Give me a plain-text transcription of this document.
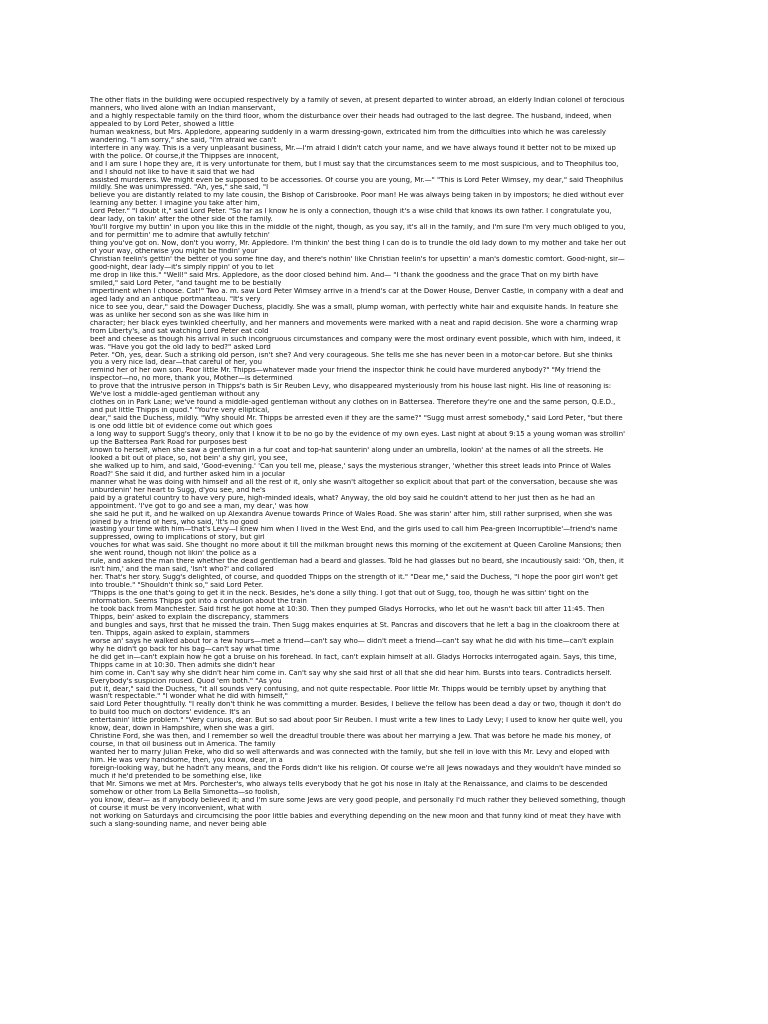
The other flats in the building were occupied respectively by a family of seven, at present departed to winter abroad, an elderly Indian colonel of ferocious
manners, who lived alone with an Indian manservant,
and a highly respectable family on the third floor, whom the disturbance over their heads had outraged to the last degree. The husband, indeed, when
appealed to by Lord Peter, showed a little
human weakness, but Mrs. Appledore, appearing suddenly in a warm dressing-gown, extricated him from the difficulties into which he was carelessly
wandering. "I am sorry," she said, "I'm afraid we can't
interfere in any way. This is a very unpleasant business, Mr.—I'm afraid I didn't catch your name, and we have always found it better not to be mixed up
with the police. Of course,if the Thippses are innocent,
and I am sure I hope they are, it is very unfortunate for them, but I must say that the circumstances seem to me most suspicious, and to Theophilus too,
and I should not like to have it said that we had
assisted murderers. We might even be supposed to be accessories. Of course you are young, Mr.—" "This is Lord Peter Wimsey, my dear," said Theophilus
mildly. She was unimpressed. "Ah, yes," she said, "I
believe you are distantly related to my late cousin, the Bishop of Carisbrooke. Poor man! He was always being taken in by impostors; he died without ever
learning any better. I imagine you take after him,
Lord Peter." "I doubt it," said Lord Peter. "So far as I know he is only a connection, though it's a wise child that knows its own father. I congratulate you,
dear lady, on takin' after the other side of the family.
You'll forgive my buttin' in upon you like this in the middle of the night, though, as you say, it's all in the family, and I'm sure I'm very much obliged to you,
and for permittin' me to admire that awfully fetchin'
thing you've got on. Now, don't you worry, Mr. Appledore. I'm thinkin' the best thing I can do is to trundle the old lady down to my mother and take her out
of your way, otherwise you might be findin' your
Christian feelin's gettin' the better of you some fine day, and there's nothin' like Christian feelin's for upsettin' a man's domestic comfort. Good-night, sir—
good-night, dear lady—it's simply rippin' of you to let
me drop in like this." "Well!" said Mrs. Appledore, as the door closed behind him. And— "I thank the goodness and the grace That on my birth have
smiled," said Lord Peter, "and taught me to be bestially
impertinent when I choose. Cat!" Two a. m. saw Lord Peter Wimsey arrive in a friend's car at the Dower House, Denver Castle, in company with a deaf and
aged lady and an antique portmanteau. "It's very
nice to see you, dear," said the Dowager Duchess, placidly. She was a small, plump woman, with perfectly white hair and exquisite hands. In feature she
was as unlike her second son as she was like him in
character; her black eyes twinkled cheerfully, and her manners and movements were marked with a neat and rapid decision. She wore a charming wrap
from Liberty's, and sat watching Lord Peter eat cold
beef and cheese as though his arrival in such incongruous circumstances and company were the most ordinary event possible, which with him, indeed, it
was. "Have you got the old lady to bed?" asked Lord
Peter. "Oh, yes, dear. Such a striking old person, isn't she? And very courageous. She tells me she has never been in a motor-car before. But she thinks
you a very nice lad, dear—that careful of her, you
remind her of her own son. Poor little Mr. Thipps—whatever made your friend the inspector think he could have murdered anybody?" "My friend the
inspector—no, no more, thank you, Mother—is determined
to prove that the intrusive person in Thipps's bath is Sir Reuben Levy, who disappeared mysteriously from his house last night. His line of reasoning is:
We've lost a middle-aged gentleman without any
clothes on in Park Lane; we've found a middle-aged gentleman without any clothes on in Battersea. Therefore they're one and the same person, Q.E.D.,
and put little Thipps in quod." "You're very elliptical,
dear," said the Duchess, mildly. "Why should Mr. Thipps be arrested even if they are the same?" "Sugg must arrest somebody," said Lord Peter, "but there
is one odd little bit of evidence come out which goes
a long way to support Sugg's theory, only that I know it to be no go by the evidence of my own eyes. Last night at about 9:15 a young woman was strollin'
up the Battersea Park Road for purposes best
known to herself, when she saw a gentleman in a fur coat and top-hat saunterin' along under an umbrella, lookin' at the names of all the streets. He
looked a bit out of place, so, not bein' a shy girl, you see,
she walked up to him, and said, 'Good-evening.' 'Can you tell me, please,' says the mysterious stranger, 'whether this street leads into Prince of Wales
Road?' She said it did, and further asked him in a jocular
manner what he was doing with himself and all the rest of it, only she wasn't altogether so explicit about that part of the conversation, because she was
unburdenin' her heart to Sugg, d'you see, and he's
paid by a grateful country to have very pure, high-minded ideals, what? Anyway, the old boy said he couldn't attend to her just then as he had an
appointment. 'I've got to go and see a man, my dear,' was how
she said he put it, and he walked on up Alexandra Avenue towards Prince of Wales Road. She was starin' after him, still rather surprised, when she was
joined by a friend of hers, who said, 'It's no good
wasting your time with him—that's Levy—I knew him when I lived in the West End, and the girls used to call him Pea-green Incorruptible'—friend's name
suppressed, owing to implications of story, but girl
vouches for what was said. She thought no more about it till the milkman brought news this morning of the excitement at Queen Caroline Mansions; then
she went round, though not likin' the police as a
rule, and asked the man there whether the dead gentleman had a beard and glasses. Told he had glasses but no beard, she incautiously said: 'Oh, then, it
isn't him,' and the man said, 'Isn't who?' and collared
her. That's her story. Sugg's delighted, of course, and quodded Thipps on the strength of it." "Dear me," said the Duchess, "I hope the poor girl won't get
into trouble." "Shouldn't think so," said Lord Peter.
"Thipps is the one that's going to get it in the neck. Besides, he's done a silly thing. I got that out of Sugg, too, though he was sittin' tight on the
information. Seems Thipps got into a confusion about the train
he took back from Manchester. Said first he got home at 10:30. Then they pumped Gladys Horrocks, who let out he wasn't back till after 11:45. Then
Thipps, bein' asked to explain the discrepancy, stammers
and bungles and says, first that he missed the train. Then Sugg makes enquiries at St. Pancras and discovers that he left a bag in the cloakroom there at
ten. Thipps, again asked to explain, stammers
worse an' says he walked about for a few hours—met a friend—can't say who— didn't meet a friend—can't say what he did with his time—can't explain
why he didn't go back for his bag—can't say what time
he did get in—can't explain how he got a bruise on his forehead. In fact, can't explain himself at all. Gladys Horrocks interrogated again. Says, this time,
Thipps came in at 10:30. Then admits she didn't hear
him come in. Can't say why she didn't hear him come in. Can't say why she said first of all that she did hear him. Bursts into tears. Contradicts herself.
Everybody's suspicion roused. Quod 'em both." "As you
put it, dear," said the Duchess, "it all sounds very confusing, and not quite respectable. Poor little Mr. Thipps would be terribly upset by anything that
wasn't respectable." "I wonder what he did with himself,"
said Lord Peter thoughtfully. "I really don't think he was committing a murder. Besides, I believe the fellow has been dead a day or two, though it don't do
to build too much on doctors' evidence. It's an
entertainin' little problem." "Very curious, dear. But so sad about poor Sir Reuben. I must write a few lines to Lady Levy; I used to know her quite well, you
know, dear, down in Hampshire, when she was a girl.
Christine Ford, she was then, and I remember so well the dreadful trouble there was about her marrying a Jew. That was before he made his money, of
course, in that oil business out in America. The family
wanted her to marry Julian Freke, who did so well afterwards and was connected with the family, but she fell in love with this Mr. Levy and eloped with
him. He was very handsome, then, you know, dear, in a
foreign-looking way, but he hadn't any means, and the Fords didn't like his religion. Of course we're all Jews nowadays and they wouldn't have minded so
much if he'd pretended to be something else, like
that Mr. Simons we met at Mrs. Porchester's, who always tells everybody that he got his nose in Italy at the Renaissance, and claims to be descended
somehow or other from La Bella Simonetta—so foolish,
you know, dear— as if anybody believed it; and I'm sure some Jews are very good people, and personally I'd much rather they believed something, though
of course it must be very inconvenient, what with
not working on Saturdays and circumcising the poor little babies and everything depending on the new moon and that funny kind of meat they have with
such a slang-sounding name, and never being able
